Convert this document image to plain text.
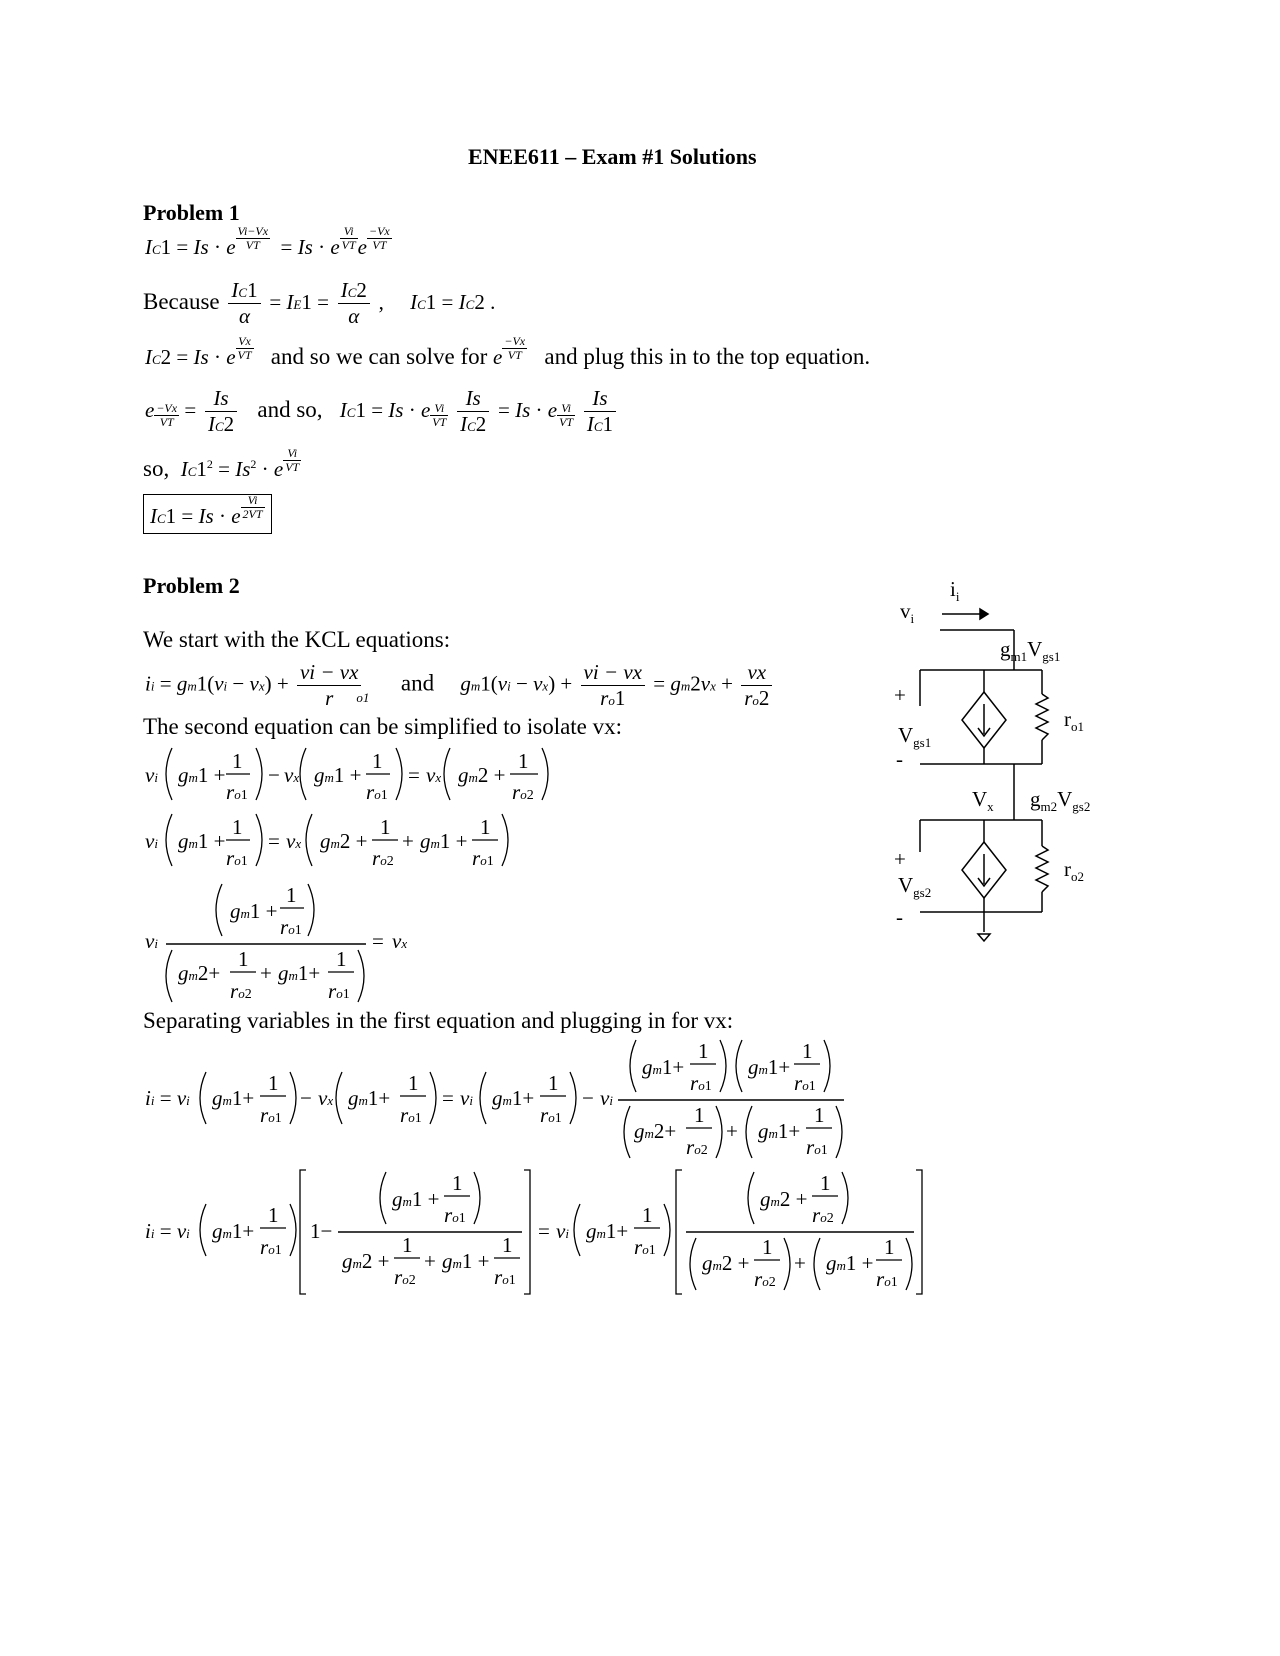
ENEE611 – Exam #1 Solutions
Problem 1
IC1 = Is · e $^{\frac{Vi-Vx}{VT}}$ = Is · e $^{\frac{Vi}{VT}}$ e $^{\frac{-Vx}{VT}}$
Because $\frac{IC1}{\alpha} = IE1 = \frac{IC2}{\alpha}$ ,     IC1 = IC2 .
IC2 = Is · e $^{\frac{Vx}{VT}}$ and so we can solve for e $^{\frac{-Vx}{VT}}$ and plug this in to the top equation.
e $^{\frac{-Vx}{VT}} = \frac{Is}{IC2}$ and so, IC1 = Is · e $^{\frac{Vi}{VT}}$
$\frac{Is}{IC2} = Is \cdot e$ $^{\frac{Vi}{VT}}$
$\frac{Is}{IC1}$
so, $IC1^2 = Is^2 \cdot e$ $^{\frac{Vi}{VT}}$
IC1 = Is · e $^{\frac{Vi}{2VT}}$
Problem 2
We start with the KCL equations:
ii = $gm1(vi - vx) + \frac{vi - vx}{r}$
$_{o1}$      and $gm1(vi - vx) + \frac{vi - vx}{ro1} = gm2vx + \frac{vx}{ro2}$
The second equation can be simplified to isolate vx:
vi gm1 +
1
ro1
− vx gm1 +
1
ro1
= vx gm2 +
1
ro2
vi gm1 +
1
ro1
= vx gm2 +
1
ro2
+ gm1 +
1
ro1
vi
gm1 +
1
ro1
gm2+
1
ro2
+ gm1+
1
ro1
= vx
Separating variables in the first equation and plugging in for vx:
ii = vi gm1+
1
ro1
− vx gm1+
1
ro1
= vi gm1+
1
ro1
− vi
gm1+
1
ro1
gm1+
1
ro1
gm2+
1
ro2
+ gm1+
1
ro1
ii = vi gm1+
1
ro1
1−
gm1 +
1
ro1
gm2 +
1
ro2
+ gm1 +
1
ro1
= vi gm1+
1
ro1
gm2 +
1
ro2
gm2 +
1
ro2
+ gm1 +
1
ro1
$v_i$
$i_i$
$g_{m1}V_{gs1}$
$r_{o1}$
+
$V_{gs1}$
-
$V_x$ $g_{m2}V_{gs2}$
$r_{o2}$
+
$V_{gs2}$
-
